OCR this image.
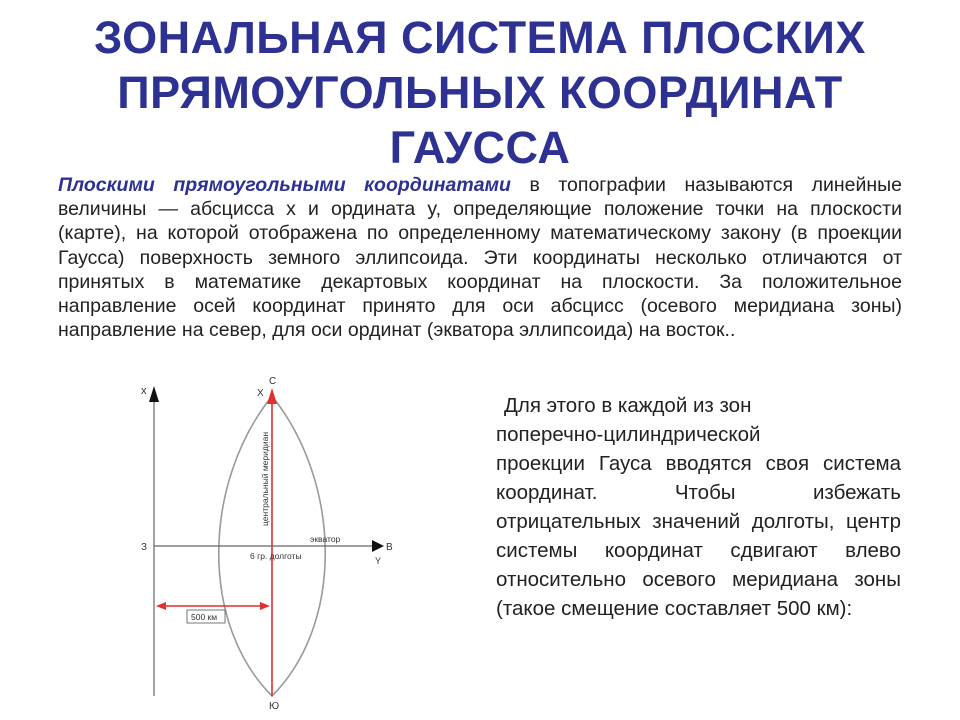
ЗОНАЛЬНАЯ СИСТЕМА ПЛОСКИХ
ПРЯМОУГОЛЬНЫХ КООРДИНАТ
ГАУССА

Плоскими прямоугольными координатами в топографии называются линейные величины — абсцисса x и ордината y, определяющие положение точки на плоскости (карте), на которой отображена по определенному математическому закону (в проекции Гаусса) поверхность земного эллипсоида. Эти координаты несколько отличаются от принятых в математике декартовых координат на плоскости. За положительное направление осей координат принято для оси абсцисс (осевого меридиана зоны) направление на север, для оси ординат (экватора эллипсоида) на восток..

x
С
X
центральный меридиан
З	В
Y
экватор
6 гр. долготы
500 км
Ю
Для этого в каждой из зон
поперечно-цилиндрической
проекции Гауса вводятся своя система координат. Чтобы избежать отрицательных значений долготы, центр системы координат сдвигают влево относительно осевого меридиана зоны (такое смещение составляет 500 км):
